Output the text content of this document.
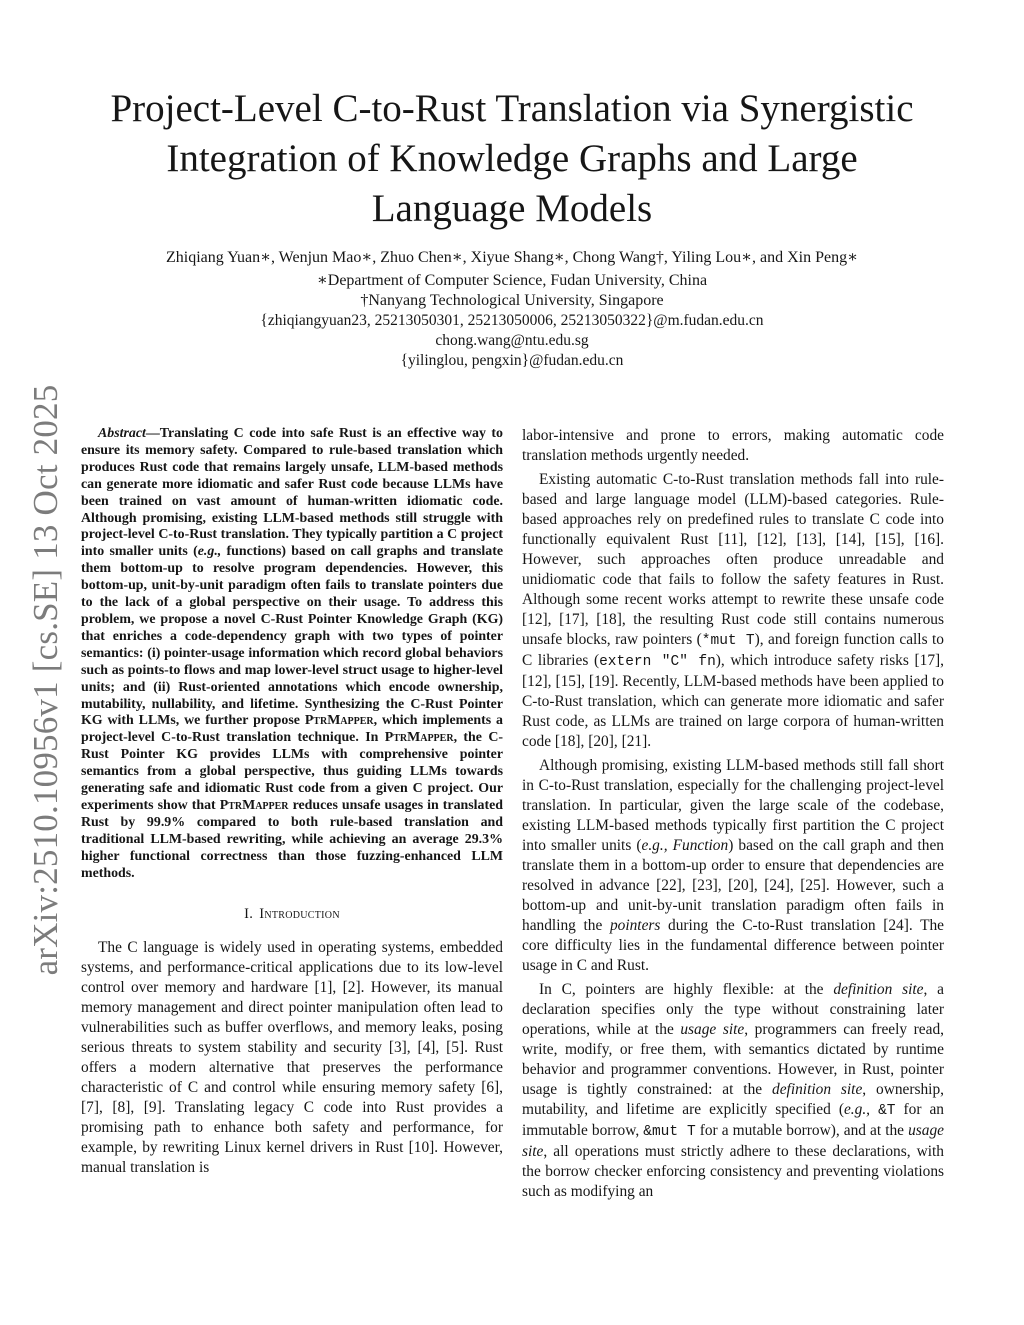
arXiv:2510.10956v1 [cs.SE] 13 Oct 2025
Project-Level C-to-Rust Translation via Synergistic
Integration of Knowledge Graphs and Large
Language Models
Zhiqiang Yuan∗, Wenjun Mao∗, Zhuo Chen∗, Xiyue Shang∗, Chong Wang†, Yiling Lou∗, and Xin Peng∗
∗Department of Computer Science, Fudan University, China
†Nanyang Technological University, Singapore
{zhiqiangyuan23, 25213050301, 25213050006, 25213050322}@m.fudan.edu.cn
chong.wang@ntu.edu.sg
{yilinglou, pengxin}@fudan.edu.cn

Abstract—Translating C code into safe Rust is an effective way to ensure its memory safety. Compared to rule-based translation which produces Rust code that remains largely unsafe, LLM-based methods can generate more idiomatic and safer Rust code because LLMs have been trained on vast amount of human-written idiomatic code. Although promising, existing LLM-based methods still struggle with project-level C-to-Rust translation. They typically partition a C project into smaller units (e.g., functions) based on call graphs and translate them bottom-up to resolve program dependencies. However, this bottom-up, unit-by-unit paradigm often fails to translate pointers due to the lack of a global perspective on their usage. To address this problem, we propose a novel C-Rust Pointer Knowledge Graph (KG) that enriches a code-dependency graph with two types of pointer semantics: (i) pointer-usage information which record global behaviors such as points-to flows and map lower-level struct usage to higher-level units; and (ii) Rust-oriented annotations which encode ownership, mutability, nullability, and lifetime. Synthesizing the C-Rust Pointer KG with LLMs, we further propose PtrMapper, which implements a project-level C-to-Rust translation technique. In PtrMapper, the C-Rust Pointer KG provides LLMs with comprehensive pointer semantics from a global perspective, thus guiding LLMs towards generating safe and idiomatic Rust code from a given C project. Our experiments show that PtrMapper reduces unsafe usages in translated Rust by 99.9% compared to both rule-based translation and traditional LLM-based rewriting, while achieving an average 29.3% higher functional correctness than those fuzzing-enhanced LLM methods.

I. Introduction

The C language is widely used in operating systems, embedded systems, and performance-critical applications due to its low-level control over memory and hardware [1], [2]. However, its manual memory management and direct pointer manipulation often lead to vulnerabilities such as buffer overflows, and memory leaks, posing serious threats to system stability and security [3], [4], [5]. Rust offers a modern alternative that preserves the performance characteristic of C and control while ensuring memory safety [6], [7], [8], [9]. Translating legacy C code into Rust provides a promising path to enhance both safety and performance, for example, by rewriting Linux kernel drivers in Rust [10]. However, manual translation is

labor-intensive and prone to errors, making automatic code translation methods urgently needed.

Existing automatic C-to-Rust translation methods fall into rule-based and large language model (LLM)-based categories. Rule-based approaches rely on predefined rules to translate C code into functionally equivalent Rust [11], [12], [13], [14], [15], [16]. However, such approaches often produce unreadable and unidiomatic code that fails to follow the safety features in Rust. Although some recent works attempt to rewrite these unsafe code [12], [17], [18], the resulting Rust code still contains numerous unsafe blocks, raw pointers (*mut T), and foreign function calls to C libraries (extern "C" fn), which introduce safety risks [17], [12], [15], [19]. Recently, LLM-based methods have been applied to C-to-Rust translation, which can generate more idiomatic and safer Rust code, as LLMs are trained on large corpora of human-written code [18], [20], [21].

Although promising, existing LLM-based methods still fall short in C-to-Rust translation, especially for the challenging project-level translation. In particular, given the large scale of the codebase, existing LLM-based methods typically first partition the C project into smaller units (e.g., Function) based on the call graph and then translate them in a bottom-up order to ensure that dependencies are resolved in advance [22], [23], [20], [24], [25]. However, such a bottom-up and unit-by-unit translation paradigm often fails in handling the pointers during the C-to-Rust translation [24]. The core difficulty lies in the fundamental difference between pointer usage in C and Rust.

In C, pointers are highly flexible: at the definition site, a declaration specifies only the type without constraining later operations, while at the usage site, programmers can freely read, write, modify, or free them, with semantics dictated by runtime behavior and programmer conventions. However, in Rust, pointer usage is tightly constrained: at the definition site, ownership, mutability, and lifetime are explicitly specified (e.g., &T for an immutable borrow, &mut T for a mutable borrow), and at the usage site, all operations must strictly adhere to these declarations, with the borrow checker enforcing consistency and preventing violations such as modifying an
